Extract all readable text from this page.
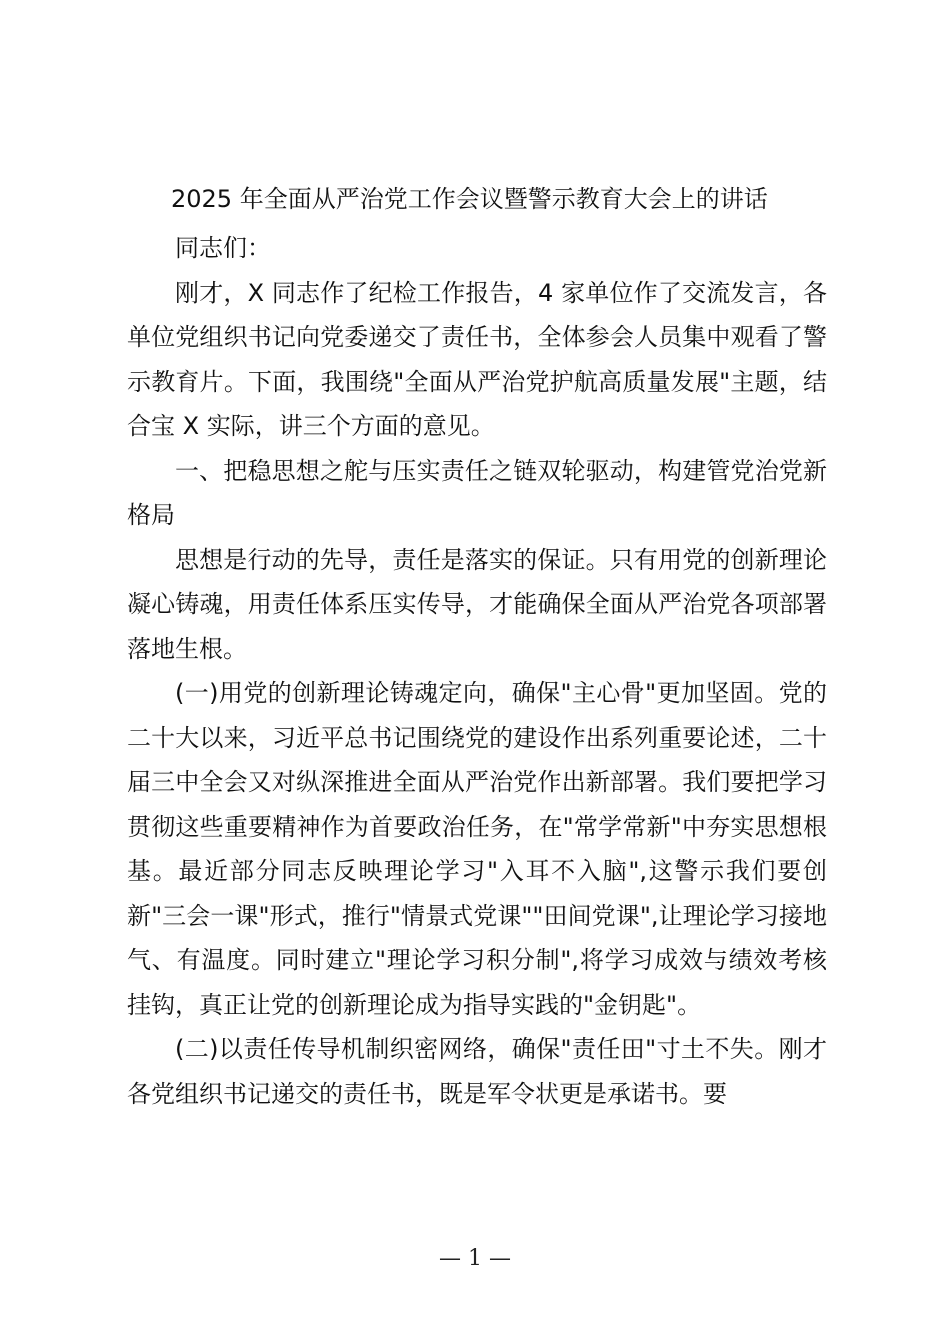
2025 年全面从严治党工作会议暨警示教育大会上的讲话

同志们：

刚才，X 同志作了纪检工作报告，4 家单位作了交流发言，各单位党组织书记向党委递交了责任书，全体参会人员集中观看了警示教育片。下面，我围绕"全面从严治党护航高质量发展"主题，结合宝 X 实际，讲三个方面的意见。

一、把稳思想之舵与压实责任之链双轮驱动，构建管党治党新格局

思想是行动的先导，责任是落实的保证。只有用党的创新理论凝心铸魂，用责任体系压实传导，才能确保全面从严治党各项部署落地生根。

(一)用党的创新理论铸魂定向，确保"主心骨"更加坚固。党的二十大以来，习近平总书记围绕党的建设作出系列重要论述，二十届三中全会又对纵深推进全面从严治党作出新部署。我们要把学习贯彻这些重要精神作为首要政治任务，在"常学常新"中夯实思想根基。最近部分同志反映理论学习"入耳不入脑",这警示我们要创新"三会一课"形式，推行"情景式党课""田间党课",让理论学习接地气、有温度。同时建立"理论学习积分制",将学习成效与绩效考核挂钩，真正让党的创新理论成为指导实践的"金钥匙"。

(二)以责任传导机制织密网络，确保"责任田"寸土不失。刚才各党组织书记递交的责任书，既是军令状更是承诺书。要

— 1 —
